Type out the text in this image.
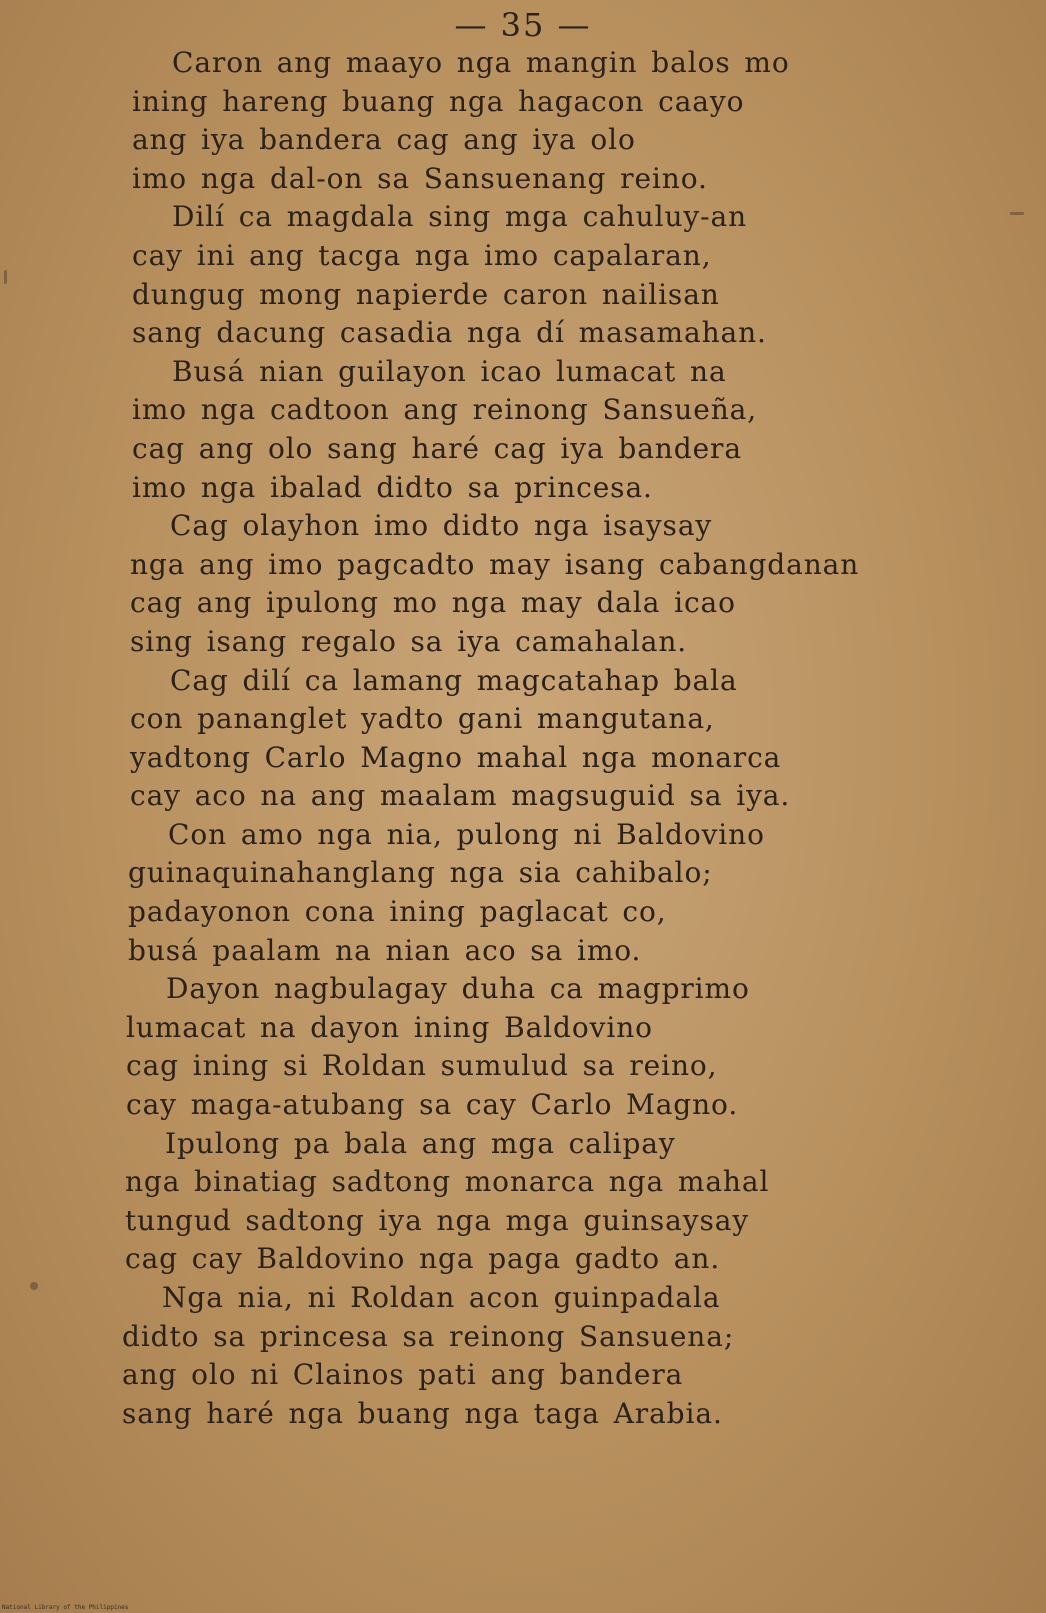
— 35 —
Caron ang maayo nga mangin balos mo
ining hareng buang nga hagacon caayo
ang iya bandera cag ang iya olo
imo nga dal-on sa Sansuenang reino.
Dilí ca magdala sing mga cahuluy-an
cay ini ang tacga nga imo capalaran,
dungug mong napierde caron nailisan
sang dacung casadia nga dí masamahan.
Busá nian guilayon icao lumacat na
imo nga cadtoon ang reinong Sansueña,
cag ang olo sang haré cag iya bandera
imo nga ibalad didto sa princesa.
Cag olayhon imo didto nga isaysay
nga ang imo pagcadto may isang cabangdanan
cag ang ipulong mo nga may dala icao
sing isang regalo sa iya camahalan.
Cag dilí ca lamang magcatahap bala
con pananglet yadto gani mangutana,
yadtong Carlo Magno mahal nga monarca
cay aco na ang maalam magsuguid sa iya.
Con amo nga nia, pulong ni Baldovino
guinaquinahanglang nga sia cahibalo;
padayonon cona ining paglacat co,
busá paalam na nian aco sa imo.
Dayon nagbulagay duha ca magprimo
lumacat na dayon ining Baldovino
cag ining si Roldan sumulud sa reino,
cay maga-atubang sa cay Carlo Magno.
Ipulong pa bala ang mga calipay
nga binatiag sadtong monarca nga mahal
tungud sadtong iya nga mga guinsaysay
cag cay Baldovino nga paga gadto an.
Nga nia, ni Roldan acon guinpadala
didto sa princesa sa reinong Sansuena;
ang olo ni Clainos pati ang bandera
sang haré nga buang nga taga Arabia.
National Library of the Philippines
